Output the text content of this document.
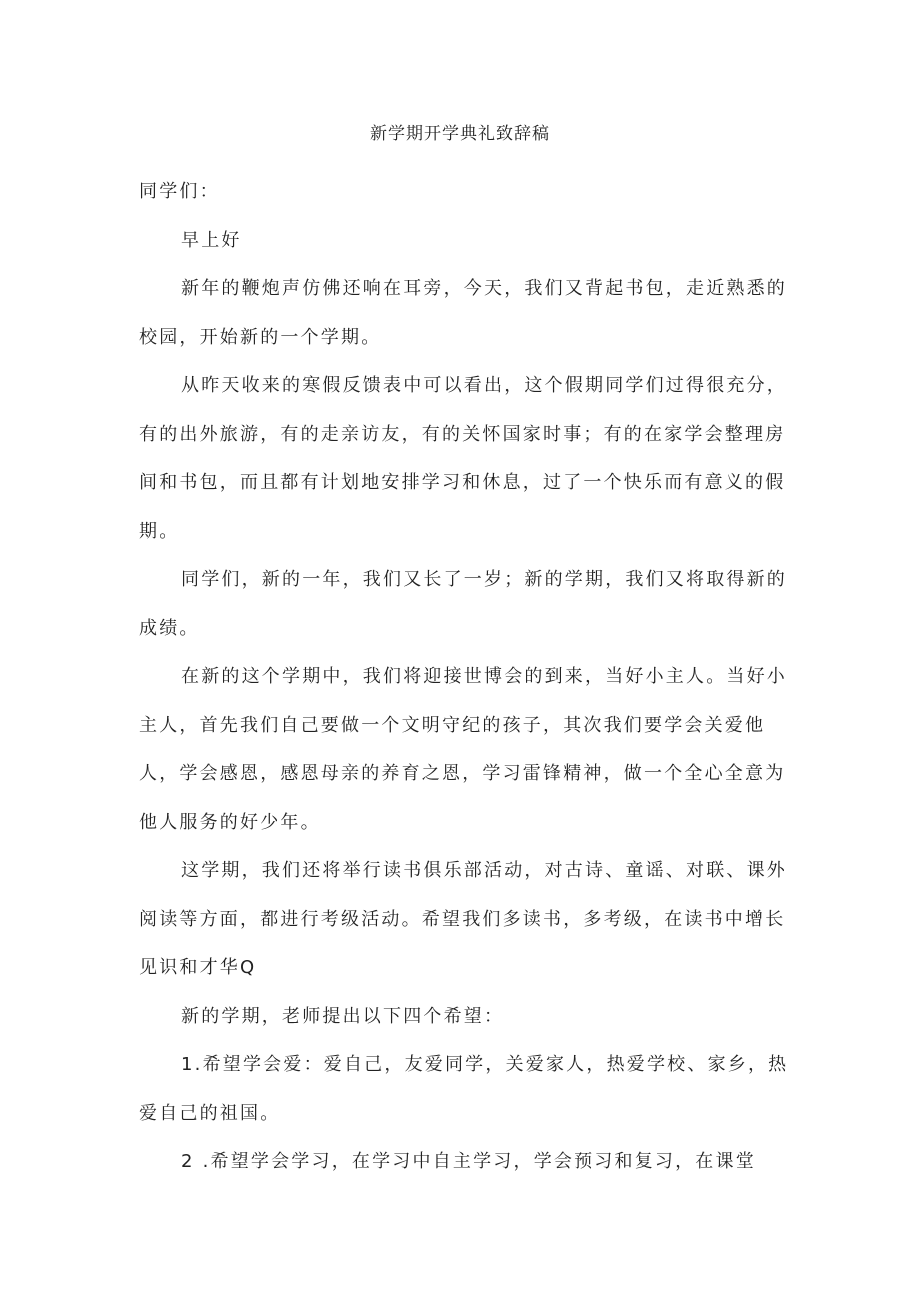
新学期开学典礼致辞稿

同学们：

早上好

新年的鞭炮声仿佛还响在耳旁，今天，我们又背起书包，走近熟悉的校园，开始新的一个学期。

从昨天收来的寒假反馈表中可以看出，这个假期同学们过得很充分，有的出外旅游，有的走亲访友，有的关怀国家时事；有的在家学会整理房间和书包，而且都有计划地安排学习和休息，过了一个快乐而有意义的假期。

同学们，新的一年，我们又长了一岁；新的学期，我们又将取得新的成绩。

在新的这个学期中，我们将迎接世博会的到来，当好小主人。当好小主人，首先我们自己要做一个文明守纪的孩子，其次我们要学会关爱他人，学会感恩，感恩母亲的养育之恩，学习雷锋精神，做一个全心全意为他人服务的好少年。

这学期，我们还将举行读书俱乐部活动，对古诗、童谣、对联、课外阅读等方面，都进行考级活动。希望我们多读书，多考级，在读书中增长见识和才华Q

新的学期，老师提出以下四个希望：

1.希望学会爱：爱自己，友爱同学，关爱家人，热爱学校、家乡，热爱自己的祖国。

2 .希望学会学习，在学习中自主学习，学会预习和复习，在课堂
